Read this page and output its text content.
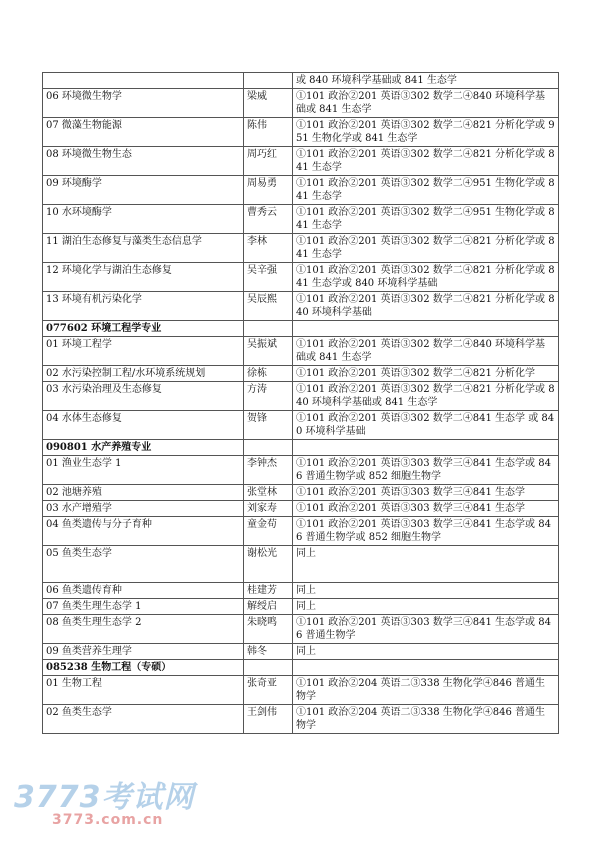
		或 840 环境科学基础或 841 生态学
06 环境微生物学	梁威	①101 政治②201 英语③302 数学二④840 环境科学基础或 841 生态学
07 微藻生物能源	陈伟	①101 政治②201 英语③302 数学二④821 分析化学或 951 生物化学或 841 生态学
08 环境微生物生态	周巧红	①101 政治②201 英语③302 数学二④821 分析化学或 841 生态学
09 环境酶学	周易勇	①101 政治②201 英语③302 数学二④951 生物化学或 841 生态学
10 水环境酶学	曹秀云	①101 政治②201 英语③302 数学二④951 生物化学或 841 生态学
11 湖泊生态修复与藻类生态信息学	李林	①101 政治②201 英语③302 数学二④821 分析化学或 841 生态学
12 环境化学与湖泊生态修复	吴辛强	①101 政治②201 英语③302 数学二④821 分析化学或 841 生态学或 840 环境科学基础
13 环境有机污染化学	吴辰熙	①101 政治②201 英语③302 数学二④821 分析化学或 840 环境科学基础
077602 环境工程学专业		
01 环境工程学	吴振斌	①101 政治②201 英语③302 数学二④840 环境科学基础或 841 生态学
02 水污染控制工程/水环境系统规划	徐栋	①101 政治②201 英语③302 数学二④821 分析化学
03 水污染治理及生态修复	方涛	①101 政治②201 英语③302 数学二④821 分析化学或 840 环境科学基础或 841 生态学
04 水体生态修复	贺锋	①101 政治②201 英语③302 数学二④841 生态学 或 840 环境科学基础
090801 水产养殖专业		
01 渔业生态学 1	李钟杰	①101 政治②201 英语③303 数学三④841 生态学或 846 普通生物学或 852 细胞生物学
02 池塘养殖	张堂林	①101 政治②201 英语③303 数学三④841 生态学
03 水产增殖学	刘家寿	①101 政治②201 英语③303 数学三④841 生态学
04 鱼类遗传与分子育种	童金苟	①101 政治②201 英语③303 数学三④841 生态学或 846 普通生物学或 852 细胞生物学
05 鱼类生态学	谢松光	同上
06 鱼类遗传育种	桂建芳	同上
07 鱼类生理生态学 1	解绶启	同上
08 鱼类生理生态学 2	朱晓鸣	①101 政治②201 英语③303 数学三④841 生态学或 846 普通生物学
09 鱼类营养生理学	韩冬	同上
085238 生物工程（专硕）		
01 生物工程	张奇亚	①101 政治②204 英语二③338 生物化学④846 普通生物学
02 鱼类生态学	王剑伟	①101 政治②204 英语二③338 生物化学④846 普通生物学
3773考试网
3773.com.cn
